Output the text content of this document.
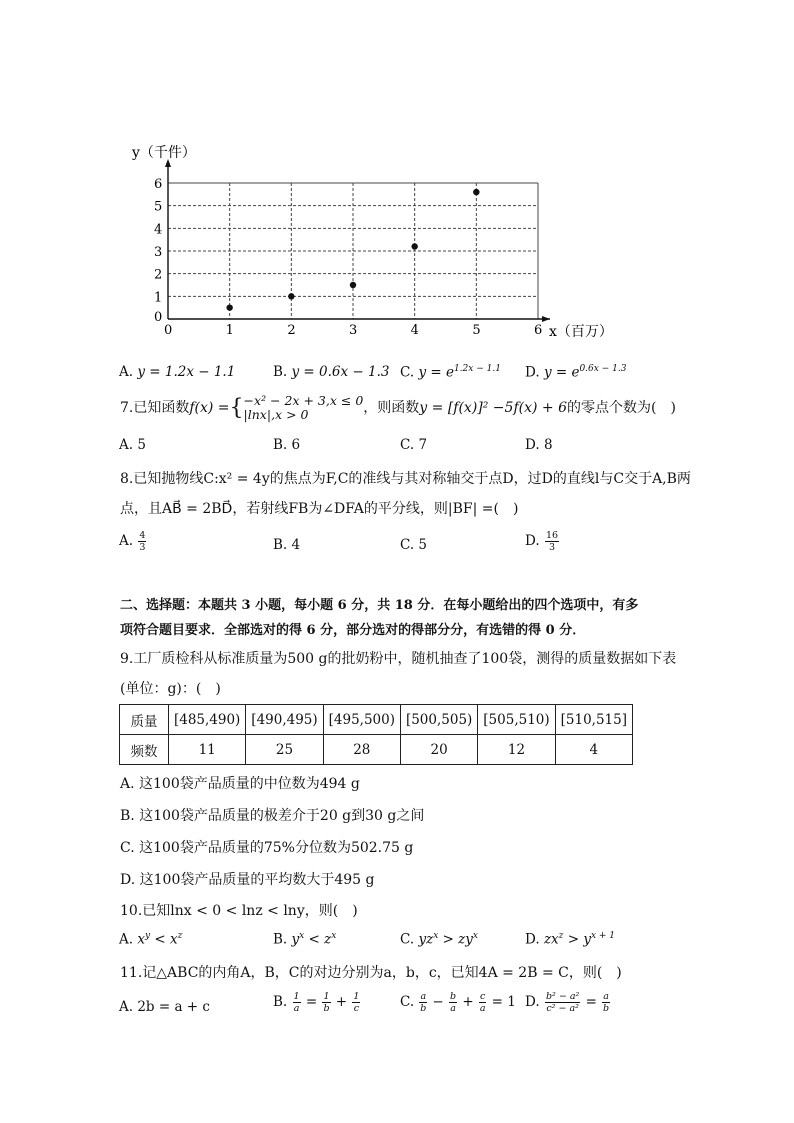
0	1	2	3	4	5	6
1
2
3
4
5
6
0
y（千件）
x（百万）
A. y = 1.2x − 1.1	B. y = 0.6x − 1.3 C. $y = e^{1.2x - 1.1}$ D. $y = e^{0.6x - 1.3}$
7.已知函数f(x) ={ −x² − 2x + 3,x ≤ 0
|lnx|,x > 0	，则函数y = [f(x)]² −5f(x) + 6的零点个数为(　)
A. 5	B. 6	C. 7	D. 8
8.已知抛物线C:x² = 4y的焦点为F,C的准线与其对称轴交于点D，过D的直线l与C交于A,B两
点，且AB⃗ = 2BD⃗，若射线FB为∠DFA的平分线，则|BF| =(　)
A. $\frac{4}{3}$	B. 4	C. 5	D. $\frac{16}{3}$
二、选择题：本题共 3 小题，每小题 6 分，共 18 分．在每小题给出的四个选项中，有多
项符合题目要求．全部选对的得 6 分，部分选对的得部分分，有选错的得 0 分．
9.工厂质检科从标准质量为500 g的批奶粉中，随机抽查了100袋，测得的质量数据如下表
(单位：g)：(　)
质量	[485,490)	[490,495)	[495,500)	[500,505)	[505,510)	[510,515]
频数	11	25	28	20	12	4
A. 这100袋产品质量的中位数为494 g
B. 这100袋产品质量的极差介于20 g到30 g之间
C. 这100袋产品质量的75%分位数为502.75 g
D. 这100袋产品质量的平均数大于495 g
10.已知lnx < 0 < lnz < lny，则(　)
A. $x^y < x^z$	B. $y^x < z^x$	C. $yz^x > zy^x$	D. $zx^z > y^{x + 1}$
11.记△ABC的内角A，B，C的对边分别为a，b，c，已知4A = 2B = C，则(　)
A. 2b = a + c	B. $\frac{1}{a} = \frac{1}{b} + \frac{1}{c}$	C. $\frac{a}{b} - \frac{b}{a} + \frac{c}{a} = 1$ D. $\frac{\text{b² − a²}}{\text{c² − a²}} = \frac{a}{b}$
